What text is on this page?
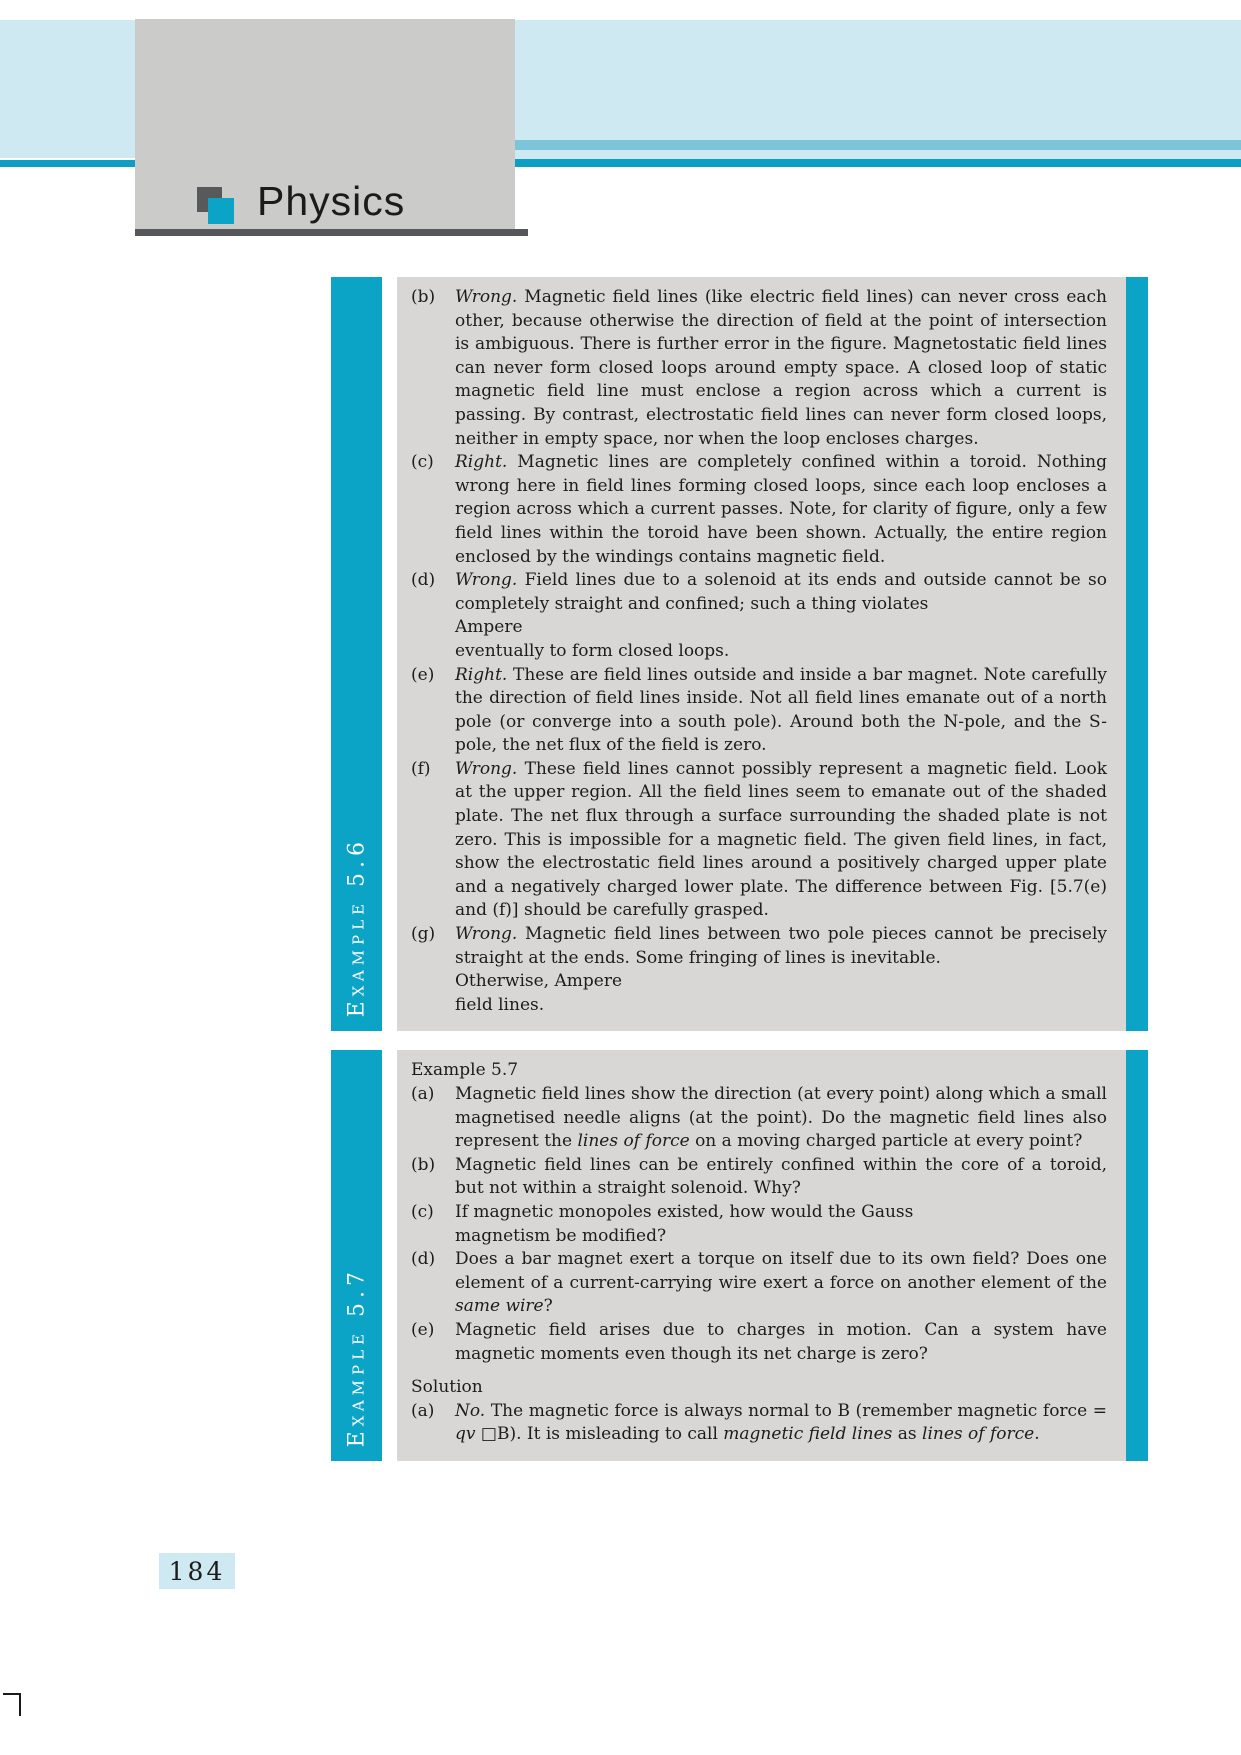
Physics
Example 5.6
(b)	Wrong. Magnetic field lines (like electric field lines) can never cross each other, because otherwise the direction of field at the point of intersection is ambiguous. There is further error in the figure. Magnetostatic field lines can never form closed loops around empty space. A closed loop of static magnetic field line must enclose a region across which a current is passing. By contrast, electrostatic field lines can never form closed loops, neither in empty space, nor when the loop encloses charges.
(c)	Right. Magnetic lines are completely confined within a toroid. Nothing wrong here in field lines forming closed loops, since each loop encloses a region across which a current passes. Note, for clarity of figure, only a few field lines within the toroid have been shown. Actually, the entire region enclosed by the windings contains magnetic field.
(d)	Wrong. Field lines due to a solenoid at its ends and outside cannot be so completely straight and confined; such a thing violates
Ampere
eventually to form closed loops.
(e)	Right. These are field lines outside and inside a bar magnet. Note carefully the direction of field lines inside. Not all field lines emanate out of a north pole (or converge into a south pole). Around both the N-pole, and the S-pole, the net flux of the field is zero.
(f)	Wrong. These field lines cannot possibly represent a magnetic field. Look at the upper region. All the field lines seem to emanate out of the shaded plate. The net flux through a surface surrounding the shaded plate is not zero. This is impossible for a magnetic field. The given field lines, in fact, show the electrostatic field lines around a positively charged upper plate and a negatively charged lower plate. The difference between Fig. [5.7(e) and (f)] should be carefully grasped.
(g)	Wrong. Magnetic field lines between two pole pieces cannot be precisely straight at the ends. Some fringing of lines is inevitable.
Otherwise, Ampere
field lines.
Example 5.7
Example 5.7
(a)	Magnetic field lines show the direction (at every point) along which a small magnetised needle aligns (at the point). Do the magnetic field lines also represent the lines of force on a moving charged particle at every point?
(b)	Magnetic field lines can be entirely confined within the core of a toroid, but not within a straight solenoid. Why?
(c)	If magnetic monopoles existed, how would the Gauss
magnetism be modified?
(d)	Does a bar magnet exert a torque on itself due to its own field? Does one element of a current-carrying wire exert a force on another element of the same wire?
(e)	Magnetic field arises due to charges in motion. Can a system have magnetic moments even though its net charge is zero?
Solution
(a)	No. The magnetic force is always normal to B (remember magnetic force = qv □B). It is misleading to call magnetic field lines as lines of force.
184
